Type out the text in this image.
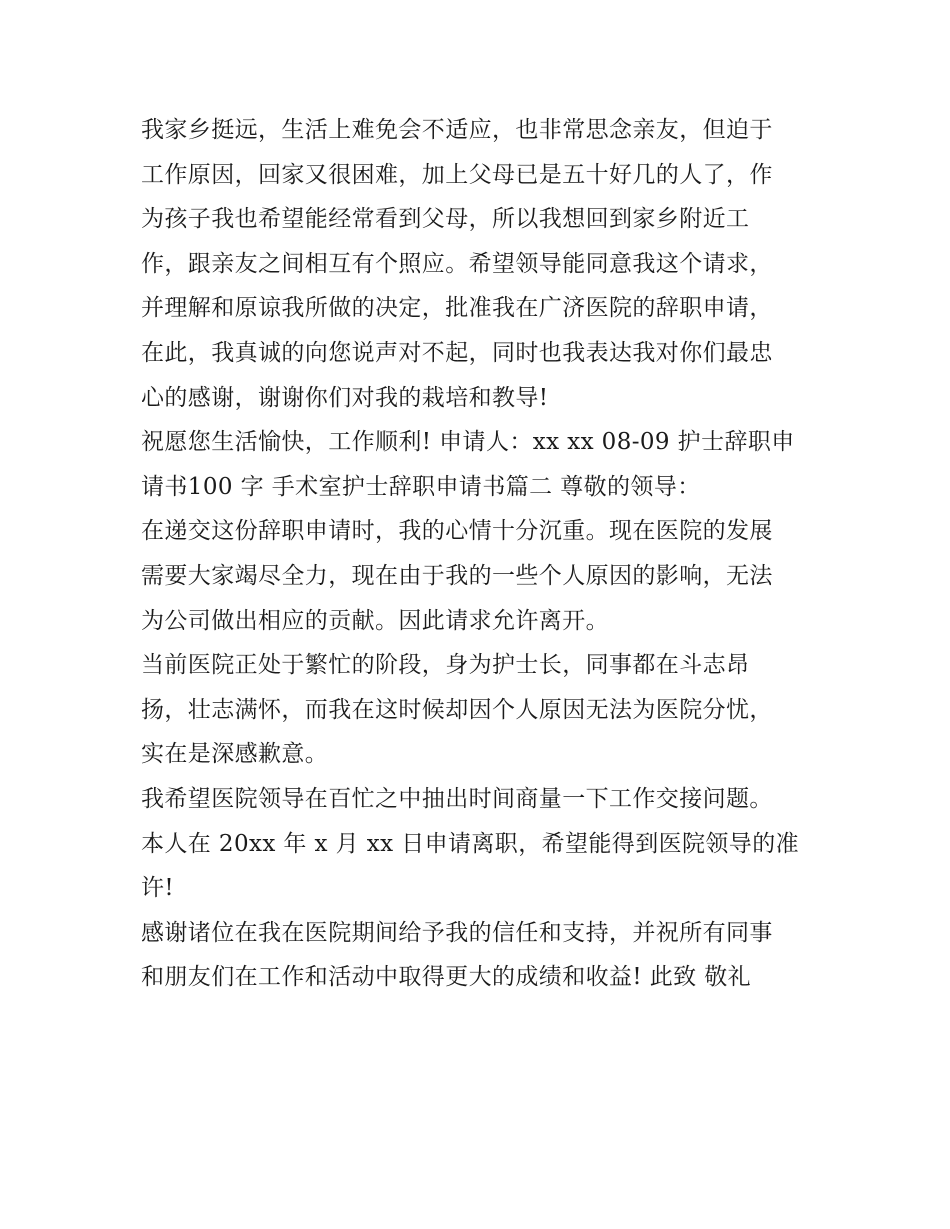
我家乡挺远，生活上难免会不适应，也非常思念亲友，但迫于
工作原因，回家又很困难，加上父母已是五十好几的人了，作
为孩子我也希望能经常看到父母，所以我想回到家乡附近工
作，跟亲友之间相互有个照应。希望领导能同意我这个请求，
并理解和原谅我所做的决定，批准我在广济医院的辞职申请，
在此，我真诚的向您说声对不起，同时也我表达我对你们最忠
心的感谢，谢谢你们对我的栽培和教导!
祝愿您生活愉快，工作顺利! 申请人：xx xx 08-09 护士辞职申
请书100 字 手术室护士辞职申请书篇二 尊敬的领导：
在递交这份辞职申请时，我的心情十分沉重。现在医院的发展
需要大家竭尽全力，现在由于我的一些个人原因的影响，无法
为公司做出相应的贡献。因此请求允许离开。
当前医院正处于繁忙的阶段，身为护士长，同事都在斗志昂
扬，壮志满怀，而我在这时候却因个人原因无法为医院分忧，
实在是深感歉意。
我希望医院领导在百忙之中抽出时间商量一下工作交接问题。
本人在 20xx 年 x 月 xx 日申请离职，希望能得到医院领导的准
许!
感谢诸位在我在医院期间给予我的信任和支持，并祝所有同事
和朋友们在工作和活动中取得更大的成绩和收益! 此致 敬礼
